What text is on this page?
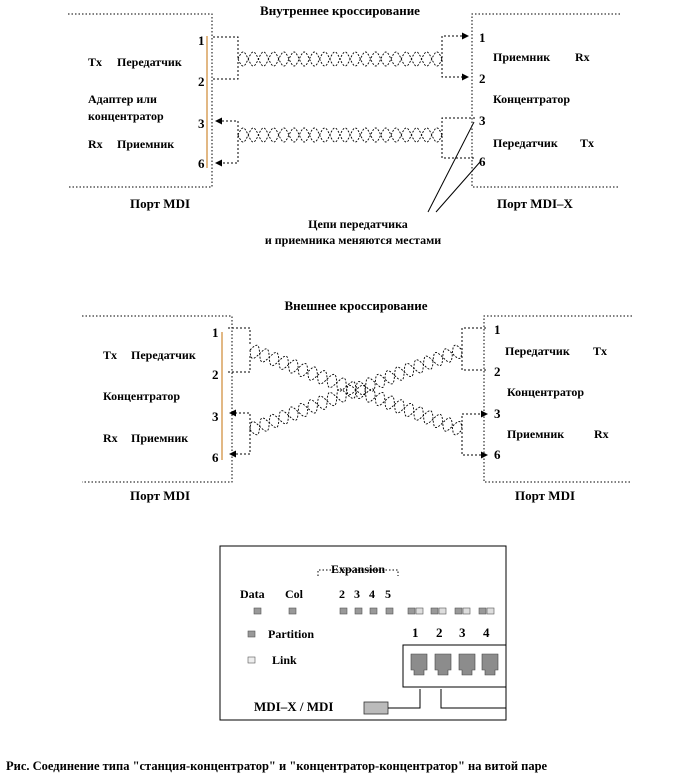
Внутреннее кроссирование
1
2
3
6
1
2
3
6
Tx Передатчик
Адаптер или
концентратор
Rx Приемник
Приемник Rx
Концентратор
Передатчик Tx
Порт MDI	Порт MDI–X
Цепи передатчика
и приемника меняются местами
Внешнее кроссирование
1
2
3
6
1
2
3
6
Tx Передатчик
Концентратор
Rx Приемник
Передатчик Tx
Концентратор
Приемник Rx
Порт MDI	Порт MDI
Expansion
Data Col	2 3 4 5
Partition
Link
1 2 3 4
MDI–X / MDI
Рис. Соединение типа "станция-концентратор" и "концентратор-концентратор" на витой паре
